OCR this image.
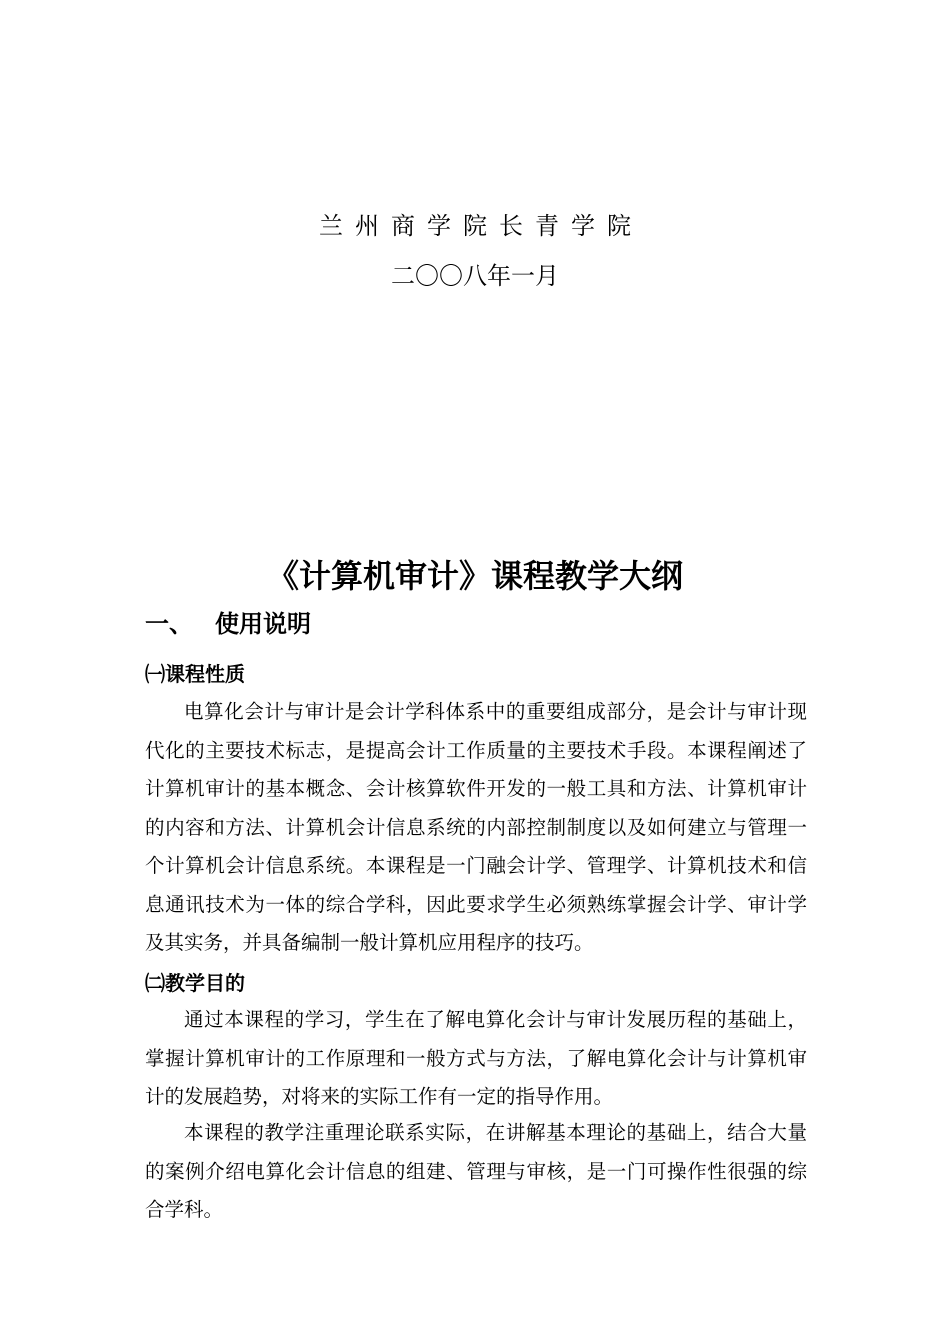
兰州商学院长青学院
二〇〇八年一月
《计算机审计》课程教学大纲
一、 使用说明
㈠课程性质

电算化会计与审计是会计学科体系中的重要组成部分，是会计与审计现代化的主要技术标志，是提高会计工作质量的主要技术手段。本课程阐述了计算机审计的基本概念、会计核算软件开发的一般工具和方法、计算机审计的内容和方法、计算机会计信息系统的内部控制制度以及如何建立与管理一个计算机会计信息系统。本课程是一门融会计学、管理学、计算机技术和信息通讯技术为一体的综合学科，因此要求学生必须熟练掌握会计学、审计学及其实务，并具备编制一般计算机应用程序的技巧。

㈡教学目的

通过本课程的学习，学生在了解电算化会计与审计发展历程的基础上，掌握计算机审计的工作原理和一般方式与方法，了解电算化会计与计算机审计的发展趋势，对将来的实际工作有一定的指导作用。

本课程的教学注重理论联系实际，在讲解基本理论的基础上，结合大量的案例介绍电算化会计信息的组建、管理与审核，是一门可操作性很强的综合学科。
